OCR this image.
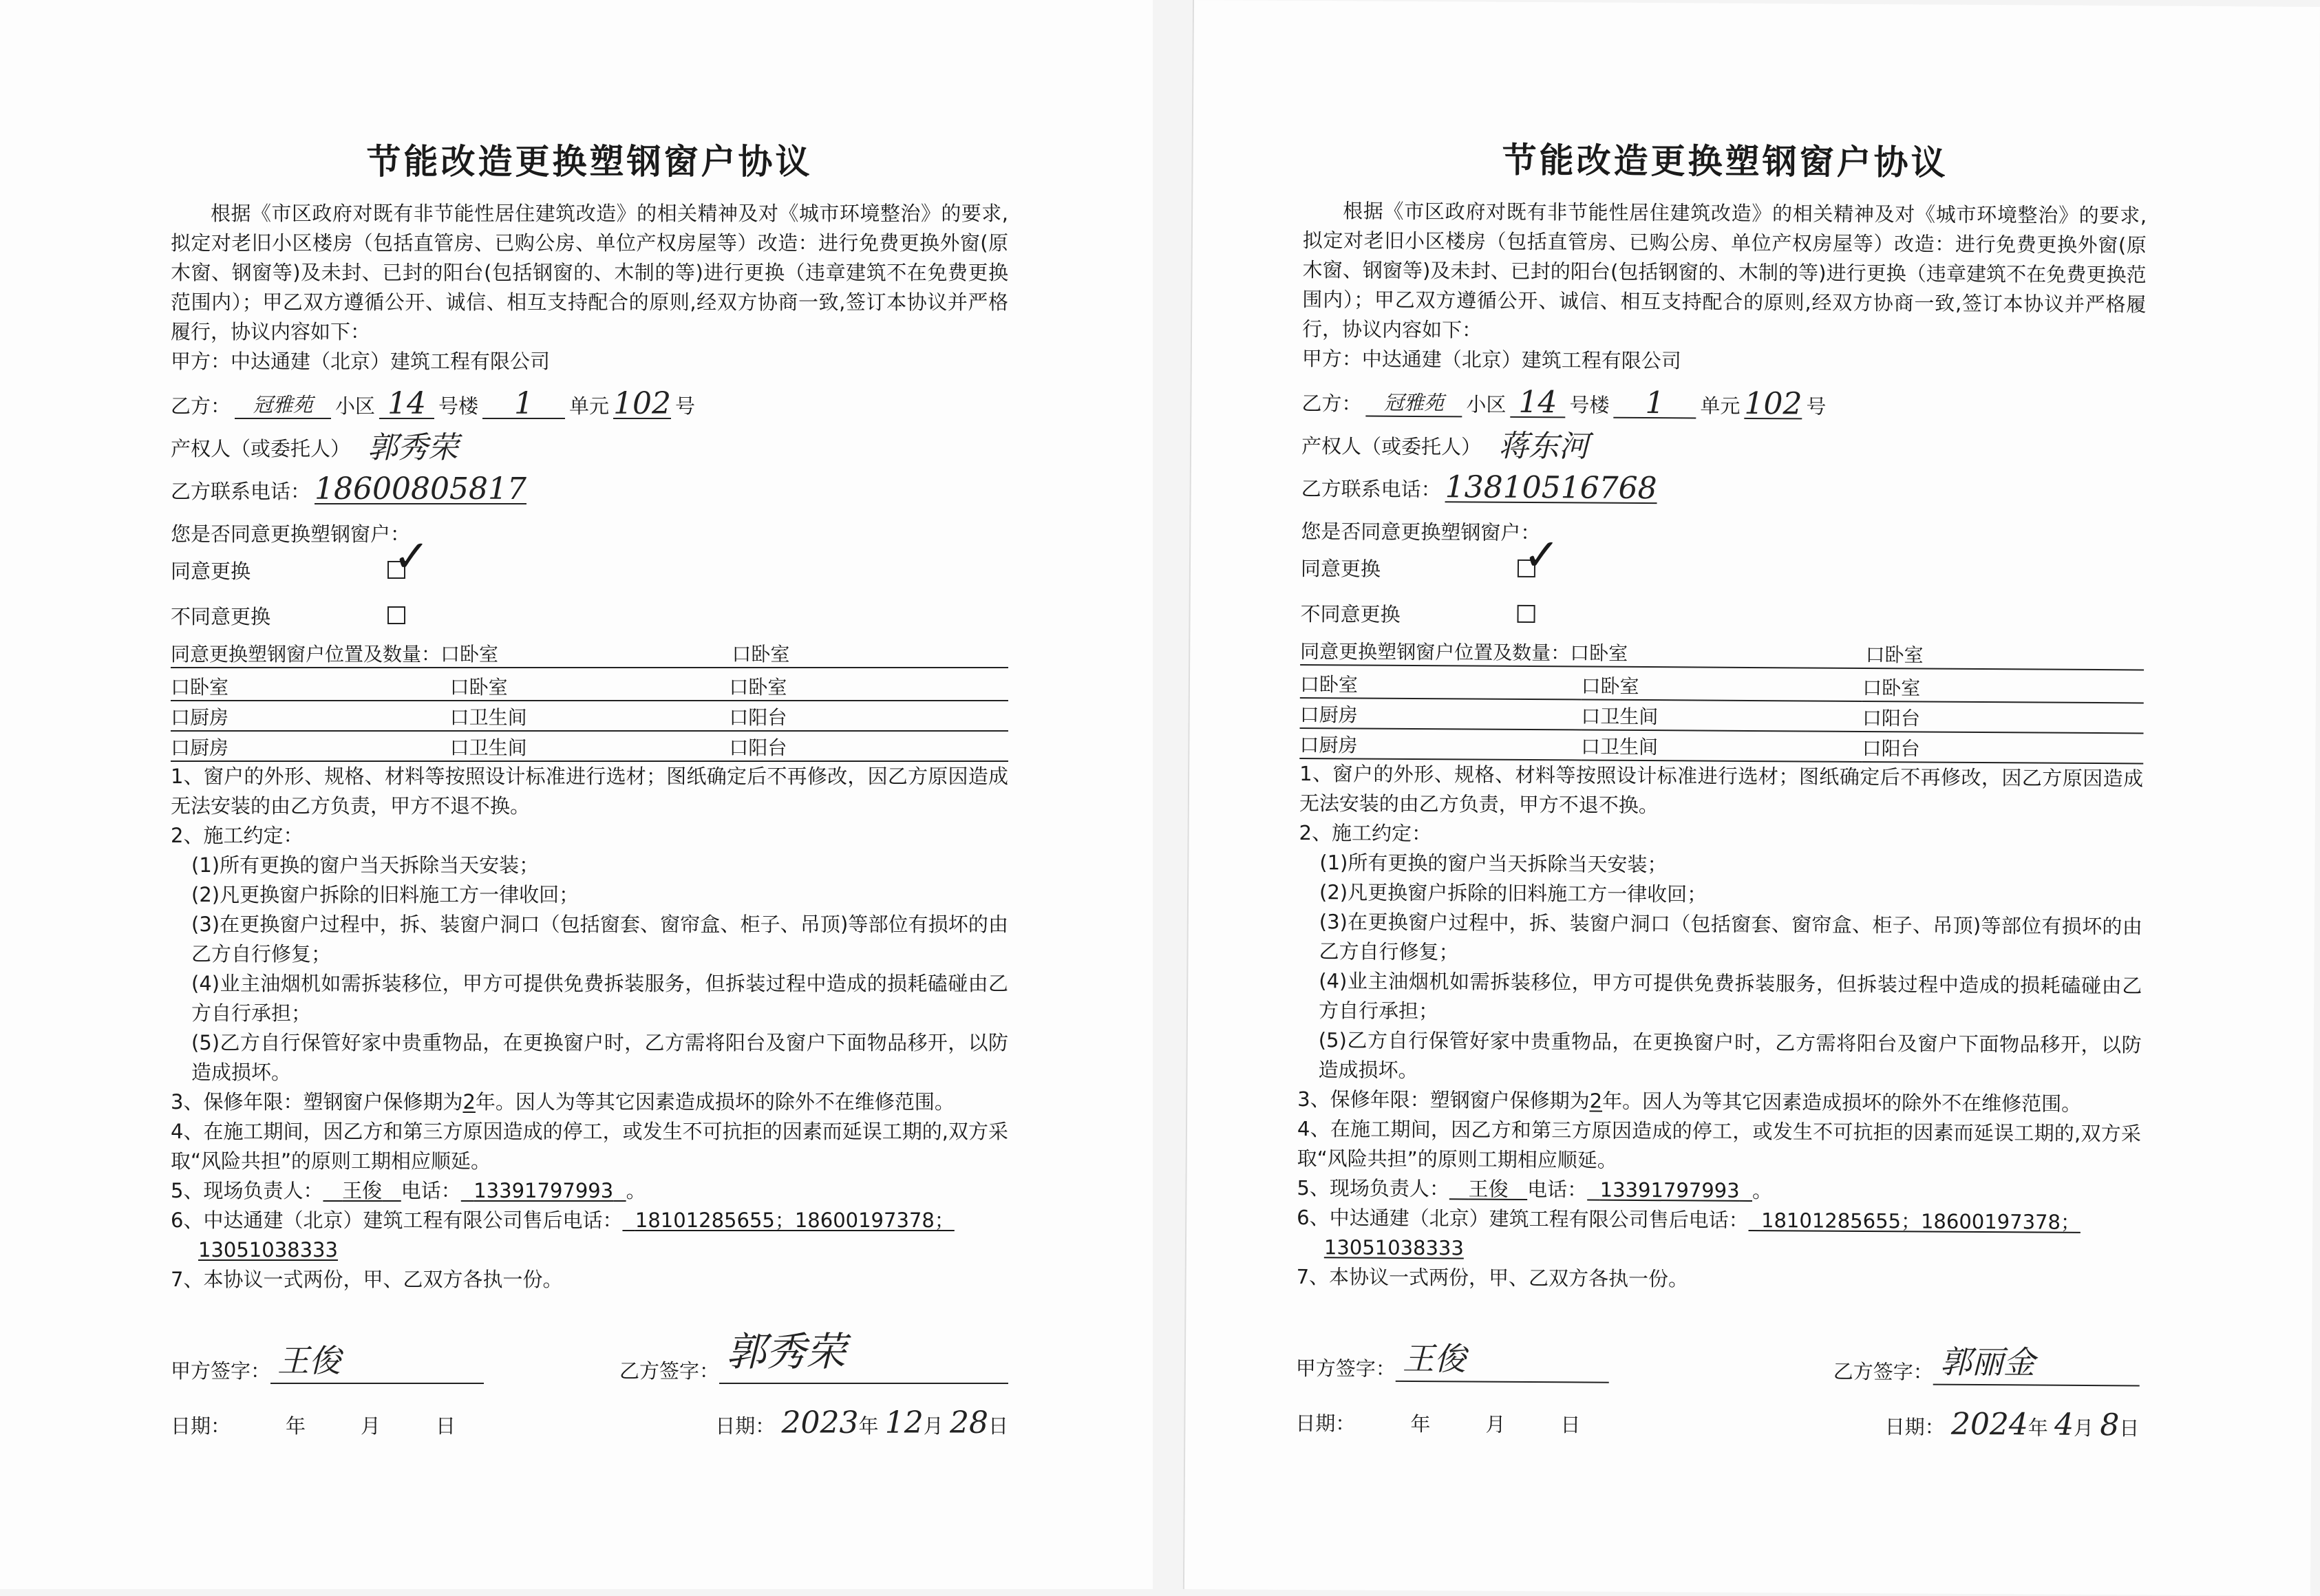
节能改造更换塑钢窗户协议

根据《市区政府对既有非节能性居住建筑改造》的相关精神及对《城市环境整治》的要求,拟定对老旧小区楼房（包括直管房、已购公房、单位产权房屋等）改造：进行免费更换外窗(原木窗、钢窗等)及未封、已封的阳台(包括钢窗的、木制的等)进行更换（违章建筑不在免费更换范围内）；甲乙双方遵循公开、诚信、相互支持配合的原则,经双方协商一致,签订本协议并严格履行，协议内容如下：

甲方：中达通建（北京）建筑工程有限公司

乙方：	冠雅苑	小区 14 号楼	1	单元 102 号
产权人（或委托人） 郭秀荣
乙方联系电话： 18600805817
您是否同意更换塑钢窗户：
同意更换	✓
不同意更换
同意更换塑钢窗户位置及数量：口卧室	口卧室
口卧室	口卧室	口卧室
口厨房	口卫生间	口阳台
口厨房	口卫生间	口阳台

1、窗户的外形、规格、材料等按照设计标准进行选材；图纸确定后不再修改，因乙方原因造成无法安装的由乙方负责，甲方不退不换。

2、施工约定：

(1)所有更换的窗户当天拆除当天安装；

(2)凡更换窗户拆除的旧料施工方一律收回；

(3)在更换窗户过程中，拆、装窗户洞口（包括窗套、窗帘盒、柜子、吊顶)等部位有损坏的由乙方自行修复；

(4)业主油烟机如需拆装移位，甲方可提供免费拆装服务，但拆装过程中造成的损耗磕碰由乙方自行承担；

(5)乙方自行保管好家中贵重物品，在更换窗户时，乙方需将阳台及窗户下面物品移开，以防造成损坏。

3、保修年限：塑钢窗户保修期为2年。因人为等其它因素造成损坏的除外不在维修范围。

4、在施工期间，因乙方和第三方原因造成的停工，或发生不可抗拒的因素而延误工期的,双方采取“风险共担”的原则工期相应顺延。

5、现场负责人： 王俊 电话： 13391797993 。

6、中达通建（北京）建筑工程有限公司售后电话： 18101285655；18600197378；
13051038333

7、本协议一式两份，甲、乙双方各执一份。

甲方签字： 王俊	乙方签字： 郭秀荣
日期：	年	月	日	日期： 2023年 12月 28日
节能改造更换塑钢窗户协议

根据《市区政府对既有非节能性居住建筑改造》的相关精神及对《城市环境整治》的要求,拟定对老旧小区楼房（包括直管房、已购公房、单位产权房屋等）改造：进行免费更换外窗(原木窗、钢窗等)及未封、已封的阳台(包括钢窗的、木制的等)进行更换（违章建筑不在免费更换范围内）；甲乙双方遵循公开、诚信、相互支持配合的原则,经双方协商一致,签订本协议并严格履行，协议内容如下：

甲方：中达通建（北京）建筑工程有限公司

乙方：	冠雅苑	小区 14 号楼	1	单元 102 号
产权人（或委托人） 蒋东河
乙方联系电话： 13810516768
您是否同意更换塑钢窗户：
同意更换	✓
不同意更换
同意更换塑钢窗户位置及数量：口卧室	口卧室
口卧室	口卧室	口卧室
口厨房	口卫生间	口阳台
口厨房	口卫生间	口阳台

1、窗户的外形、规格、材料等按照设计标准进行选材；图纸确定后不再修改，因乙方原因造成无法安装的由乙方负责，甲方不退不换。

2、施工约定：

(1)所有更换的窗户当天拆除当天安装；

(2)凡更换窗户拆除的旧料施工方一律收回；

(3)在更换窗户过程中，拆、装窗户洞口（包括窗套、窗帘盒、柜子、吊顶)等部位有损坏的由乙方自行修复；

(4)业主油烟机如需拆装移位，甲方可提供免费拆装服务，但拆装过程中造成的损耗磕碰由乙方自行承担；

(5)乙方自行保管好家中贵重物品，在更换窗户时，乙方需将阳台及窗户下面物品移开，以防造成损坏。

3、保修年限：塑钢窗户保修期为2年。因人为等其它因素造成损坏的除外不在维修范围。

4、在施工期间，因乙方和第三方原因造成的停工，或发生不可抗拒的因素而延误工期的,双方采取“风险共担”的原则工期相应顺延。

5、现场负责人： 王俊 电话： 13391797993 。

6、中达通建（北京）建筑工程有限公司售后电话： 18101285655；18600197378；
13051038333

7、本协议一式两份，甲、乙双方各执一份。

甲方签字： 王俊	乙方签字： 郭丽金
日期：	年	月	日	日期： 2024年 4月 8日
